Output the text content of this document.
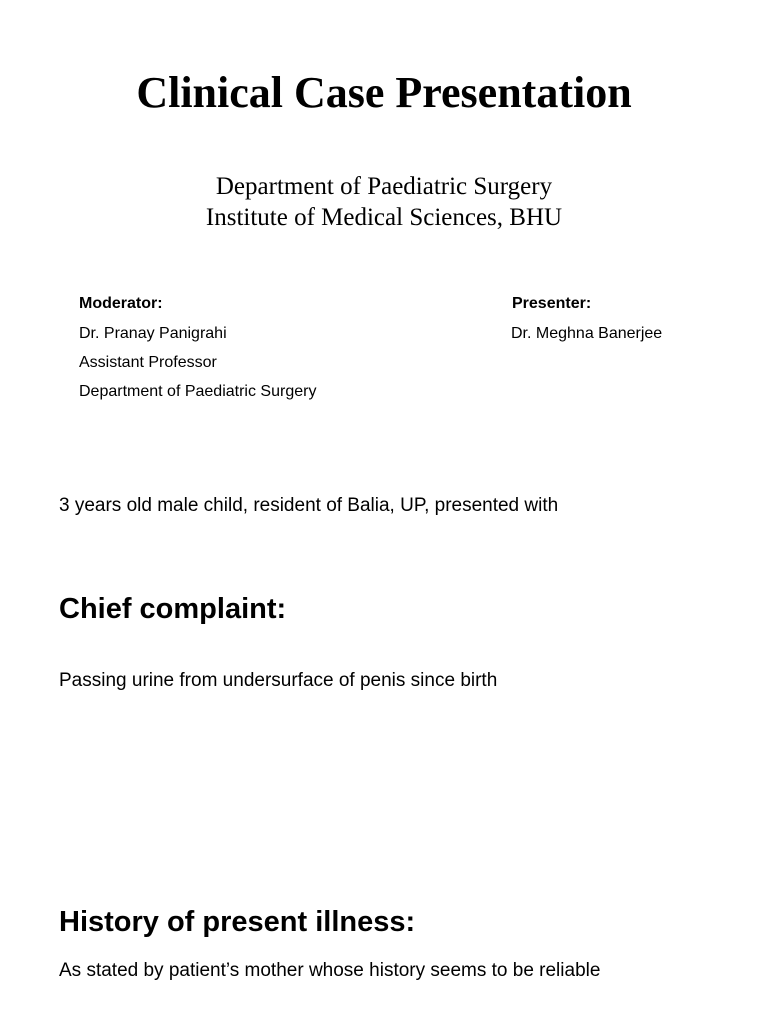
Clinical Case Presentation

Department of Paediatric Surgery

Institute of Medical Sciences, BHU

Moderator:

Dr. Pranay Panigrahi

Assistant Professor

Department of Paediatric Surgery

Presenter:

Dr. Meghna Banerjee

3 years old male child, resident of Balia, UP, presented with

Chief complaint:

Passing urine from undersurface of penis since birth

History of present illness:

As stated by patient’s mother whose history seems to be reliable
